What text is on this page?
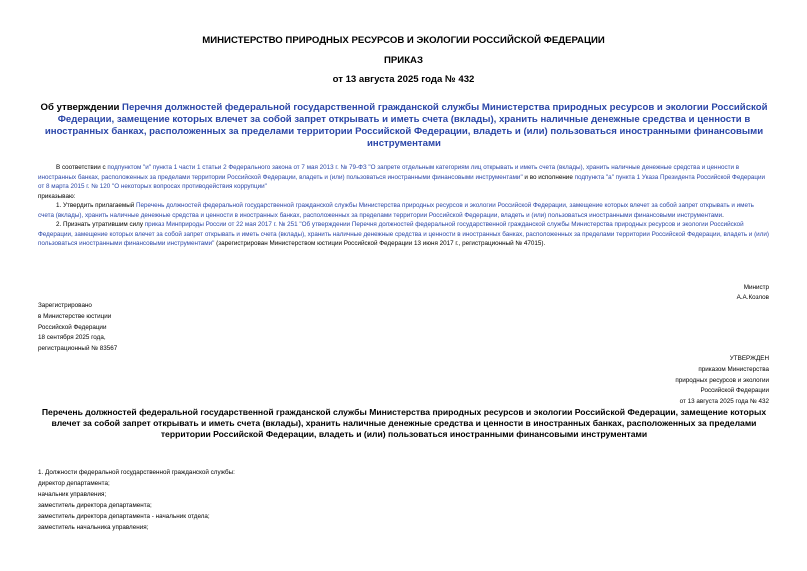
МИНИСТЕРСТВО ПРИРОДНЫХ РЕСУРСОВ И ЭКОЛОГИИ РОССИЙСКОЙ ФЕДЕРАЦИИ
ПРИКАЗ
от 13 августа 2025 года № 432
Об утверждении Перечня должностей федеральной государственной гражданской службы Министерства природных ресурсов и экологии Российской Федерации, замещение которых влечет за собой запрет открывать и иметь счета (вклады), хранить наличные денежные средства и ценности в иностранных банках, расположенных за пределами территории Российской Федерации, владеть и (или) пользоваться иностранными финансовыми инструментами
В соответствии с подпунктом "и" пункта 1 части 1 статьи 2 Федерального закона от 7 мая 2013 г. № 79-ФЗ "О запрете отдельным категориям лиц открывать и иметь счета (вклады), хранить наличные денежные средства и ценности в иностранных банках, расположенных за пределами территории Российской Федерации, владеть и (или) пользоваться иностранными финансовыми инструментами" и во исполнение подпункта "а" пункта 1 Указа Президента Российской Федерации от 8 марта 2015 г. № 120 "О некоторых вопросах противодействия коррупции"
приказываю:
1. Утвердить прилагаемый Перечень должностей федеральной государственной гражданской службы Министерства природных ресурсов и экологии Российской Федерации, замещение которых влечет за собой запрет открывать и иметь счета (вклады), хранить наличные денежные средства и ценности в иностранных банках, расположенных за пределами территории Российской Федерации, владеть и (или) пользоваться иностранными финансовыми инструментами.
2. Признать утратившим силу приказ Минприроды России от 22 мая 2017 г. № 251 "Об утверждении Перечня должностей федеральной государственной гражданской службы Министерства природных ресурсов и экологии Российской Федерации, замещение которых влечет за собой запрет открывать и иметь счета (вклады), хранить наличные денежные средства и ценности в иностранных банках, расположенных за пределами территории Российской Федерации, владеть и (или) пользоваться иностранными финансовыми инструментами" (зарегистрирован Министерством юстиции Российской Федерации 13 июня 2017 г., регистрационный № 47015).
Министр
А.А.Козлов
Зарегистрировано
в Министерстве юстиции
Российской Федерации
18 сентября 2025 года,
регистрационный № 83567
УТВЕРЖДЕН
приказом Министерства
природных ресурсов и экологии
Российской Федерации
от 13 августа 2025 года № 432
Перечень должностей федеральной государственной гражданской службы Министерства природных ресурсов и экологии Российской Федерации, замещение которых влечет за собой запрет открывать и иметь счета (вклады), хранить наличные денежные средства и ценности в иностранных банках, расположенных за пределами территории Российской Федерации, владеть и (или) пользоваться иностранными финансовыми инструментами
1. Должности федеральной государственной гражданской службы:
директор департамента;
начальник управления;
заместитель директора департамента;
заместитель директора департамента - начальник отдела;
заместитель начальника управления;
